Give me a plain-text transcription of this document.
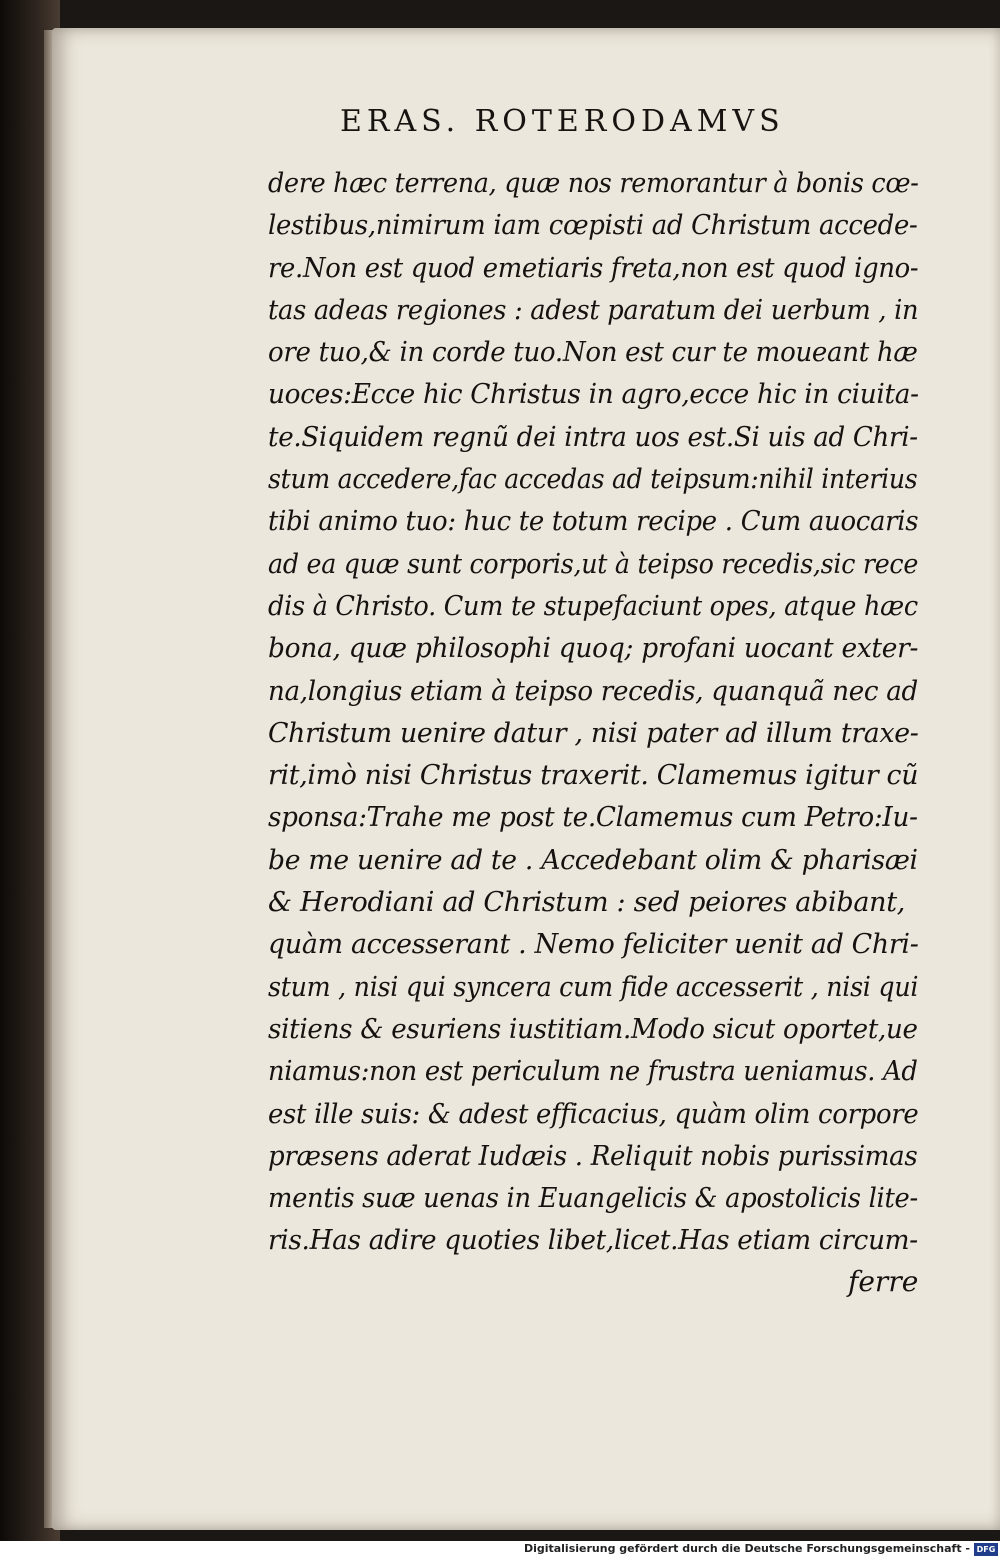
ERAS. ROTERODAMVS
dere hæc terrena, quæ nos remorantur à bonis cœ-
lestibus,nimirum iam cœpisti ad Christum accede-
re.Non est quod emetiaris freta,non est quod igno-
tas adeas regiones : adest paratum dei uerbum , in
ore tuo,& in corde tuo.Non est cur te moueant hæ
uoces:Ecce hic Christus in agro,ecce hic in ciuita-
te.Siquidem regnũ dei intra uos est.Si uis ad Chri-
stum accedere,fac accedas ad teipsum:nihil interius
tibi animo tuo: huc te totum recipe . Cum auocaris
ad ea quæ sunt corporis,ut à teipso recedis,sic rece
dis à Christo. Cum te stupefaciunt opes, atque hæc
bona, quæ philosophi quoq; profani uocant exter-
na,longius etiam à teipso recedis, quanquã nec ad
Christum uenire datur , nisi pater ad illum traxe-
rit,imò nisi Christus traxerit. Clamemus igitur cũ
sponsa:Trahe me post te.Clamemus cum Petro:Iu-
be me uenire ad te . Accedebant olim & pharisæi
& Herodiani ad Christum : sed peiores abibant,
quàm accesserant . Nemo feliciter uenit ad Chri-
stum , nisi qui syncera cum fide accesserit , nisi qui
sitiens & esuriens iustitiam.Modo sicut oportet,ue
niamus:non est periculum ne frustra ueniamus. Ad
est ille suis: & adest efficacius, quàm olim corpore
præsens aderat Iudæis . Reliquit nobis purissimas
mentis suæ uenas in Euangelicis & apostolicis lite-
ris.Has adire quoties libet,licet.Has etiam circum-
ferre
Digitalisierung gefördert durch die Deutsche Forschungsgemeinschaft - DFG
